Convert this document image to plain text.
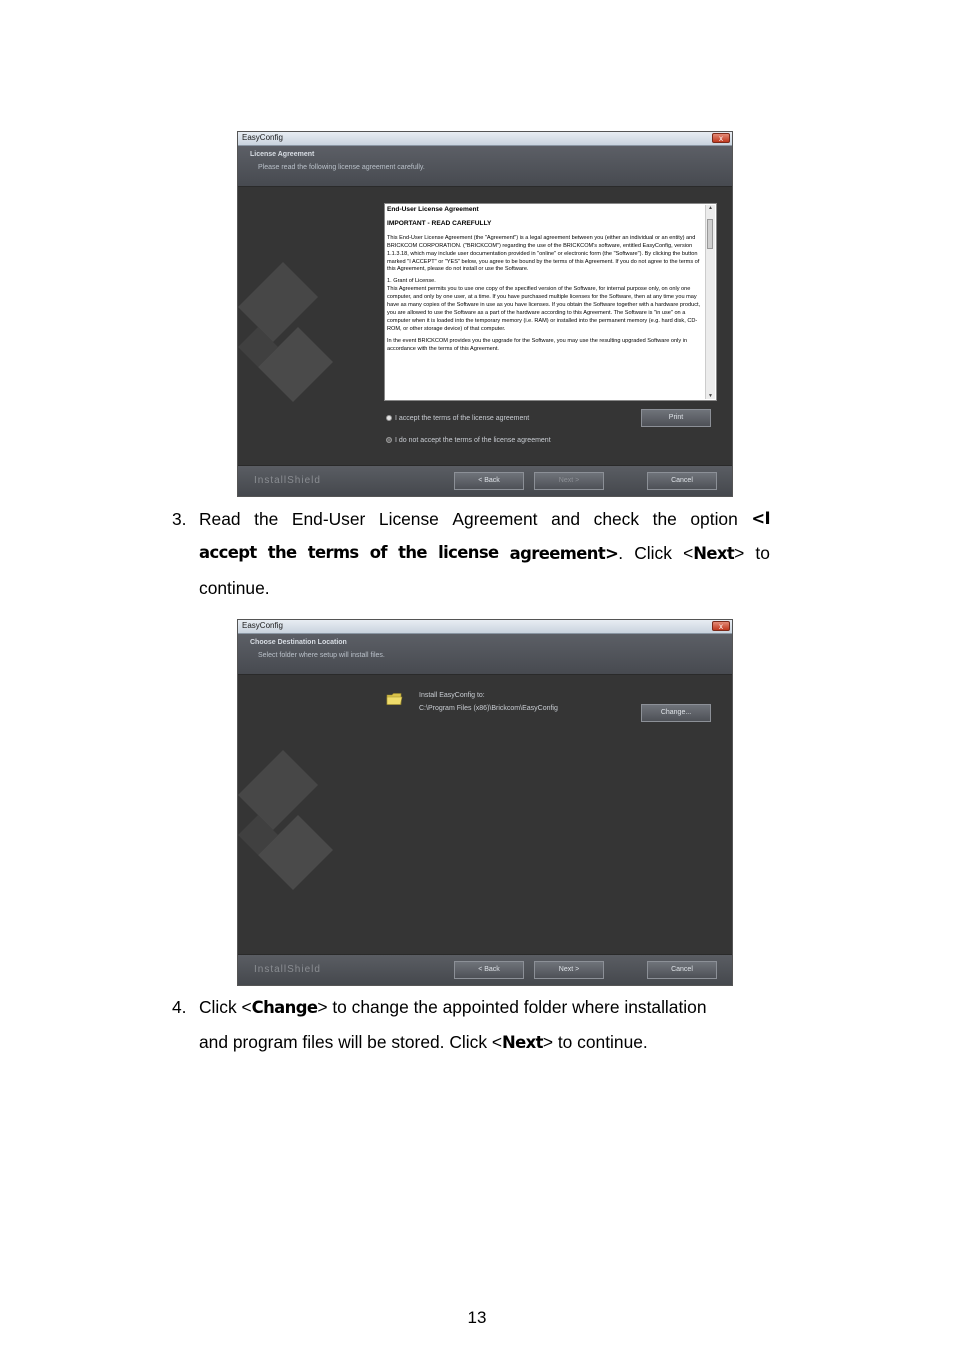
EasyConfig	x
License Agreement
Please read the following license agreement carefully.
End-User License Agreement
IMPORTANT - READ CAREFULLY
This End-User License Agreement (the "Agreement") is a legal agreement between you (either an individual or an entity) and BRICKCOM CORPORATION. ("BRICKCOM") regarding the use of the BRICKCOM's software, entitled EasyConfig, version 1.1.3.18, which may include user documentation provided in "online" or electronic form (the "Software"). By clicking the button marked "I ACCEPT" or "YES" below, you agree to be bound by the terms of this Agreement. If you do not agree to the terms of this Agreement, please do not install or use the Software.
1. Grant of License.
This Agreement permits you to use one copy of the specified version of the Software, for internal purpose only, on only one computer, and only by one user, at a time. If you have purchased multiple licenses for the Software, then at any time you may have as many copies of the Software in use as you have licenses. If you obtain the Software together with a hardware product, you are allowed to use the Software as a part of the hardware according to this Agreement. The Software is "in use" on a computer when it is loaded into the temporary memory (i.e. RAM) or installed into the permanent memory (e.g. hard disk, CD-ROM, or other storage device) of that computer.
In the event BRICKCOM provides you the upgrade for the Software, you may use the resulting upgraded Software only in accordance with the terms of this Agreement.
▲
▼
I accept the terms of the license agreement
I do not accept the terms of the license agreement
Print
InstallShield	< Back	Next >	Cancel
3. Read the End-User License Agreement and check the option <I
accept the terms of the license agreement>. Click <Next> to
continue.
EasyConfig	x
Choose Destination Location
Select folder where setup will install files.
Install EasyConfig to:
C:\Program Files (x86)\Brickcom\EasyConfig
Change...
InstallShield	< Back	Next >	Cancel
4. Click <Change> to change the appointed folder where installation
and program files will be stored. Click <Next> to continue.
13
